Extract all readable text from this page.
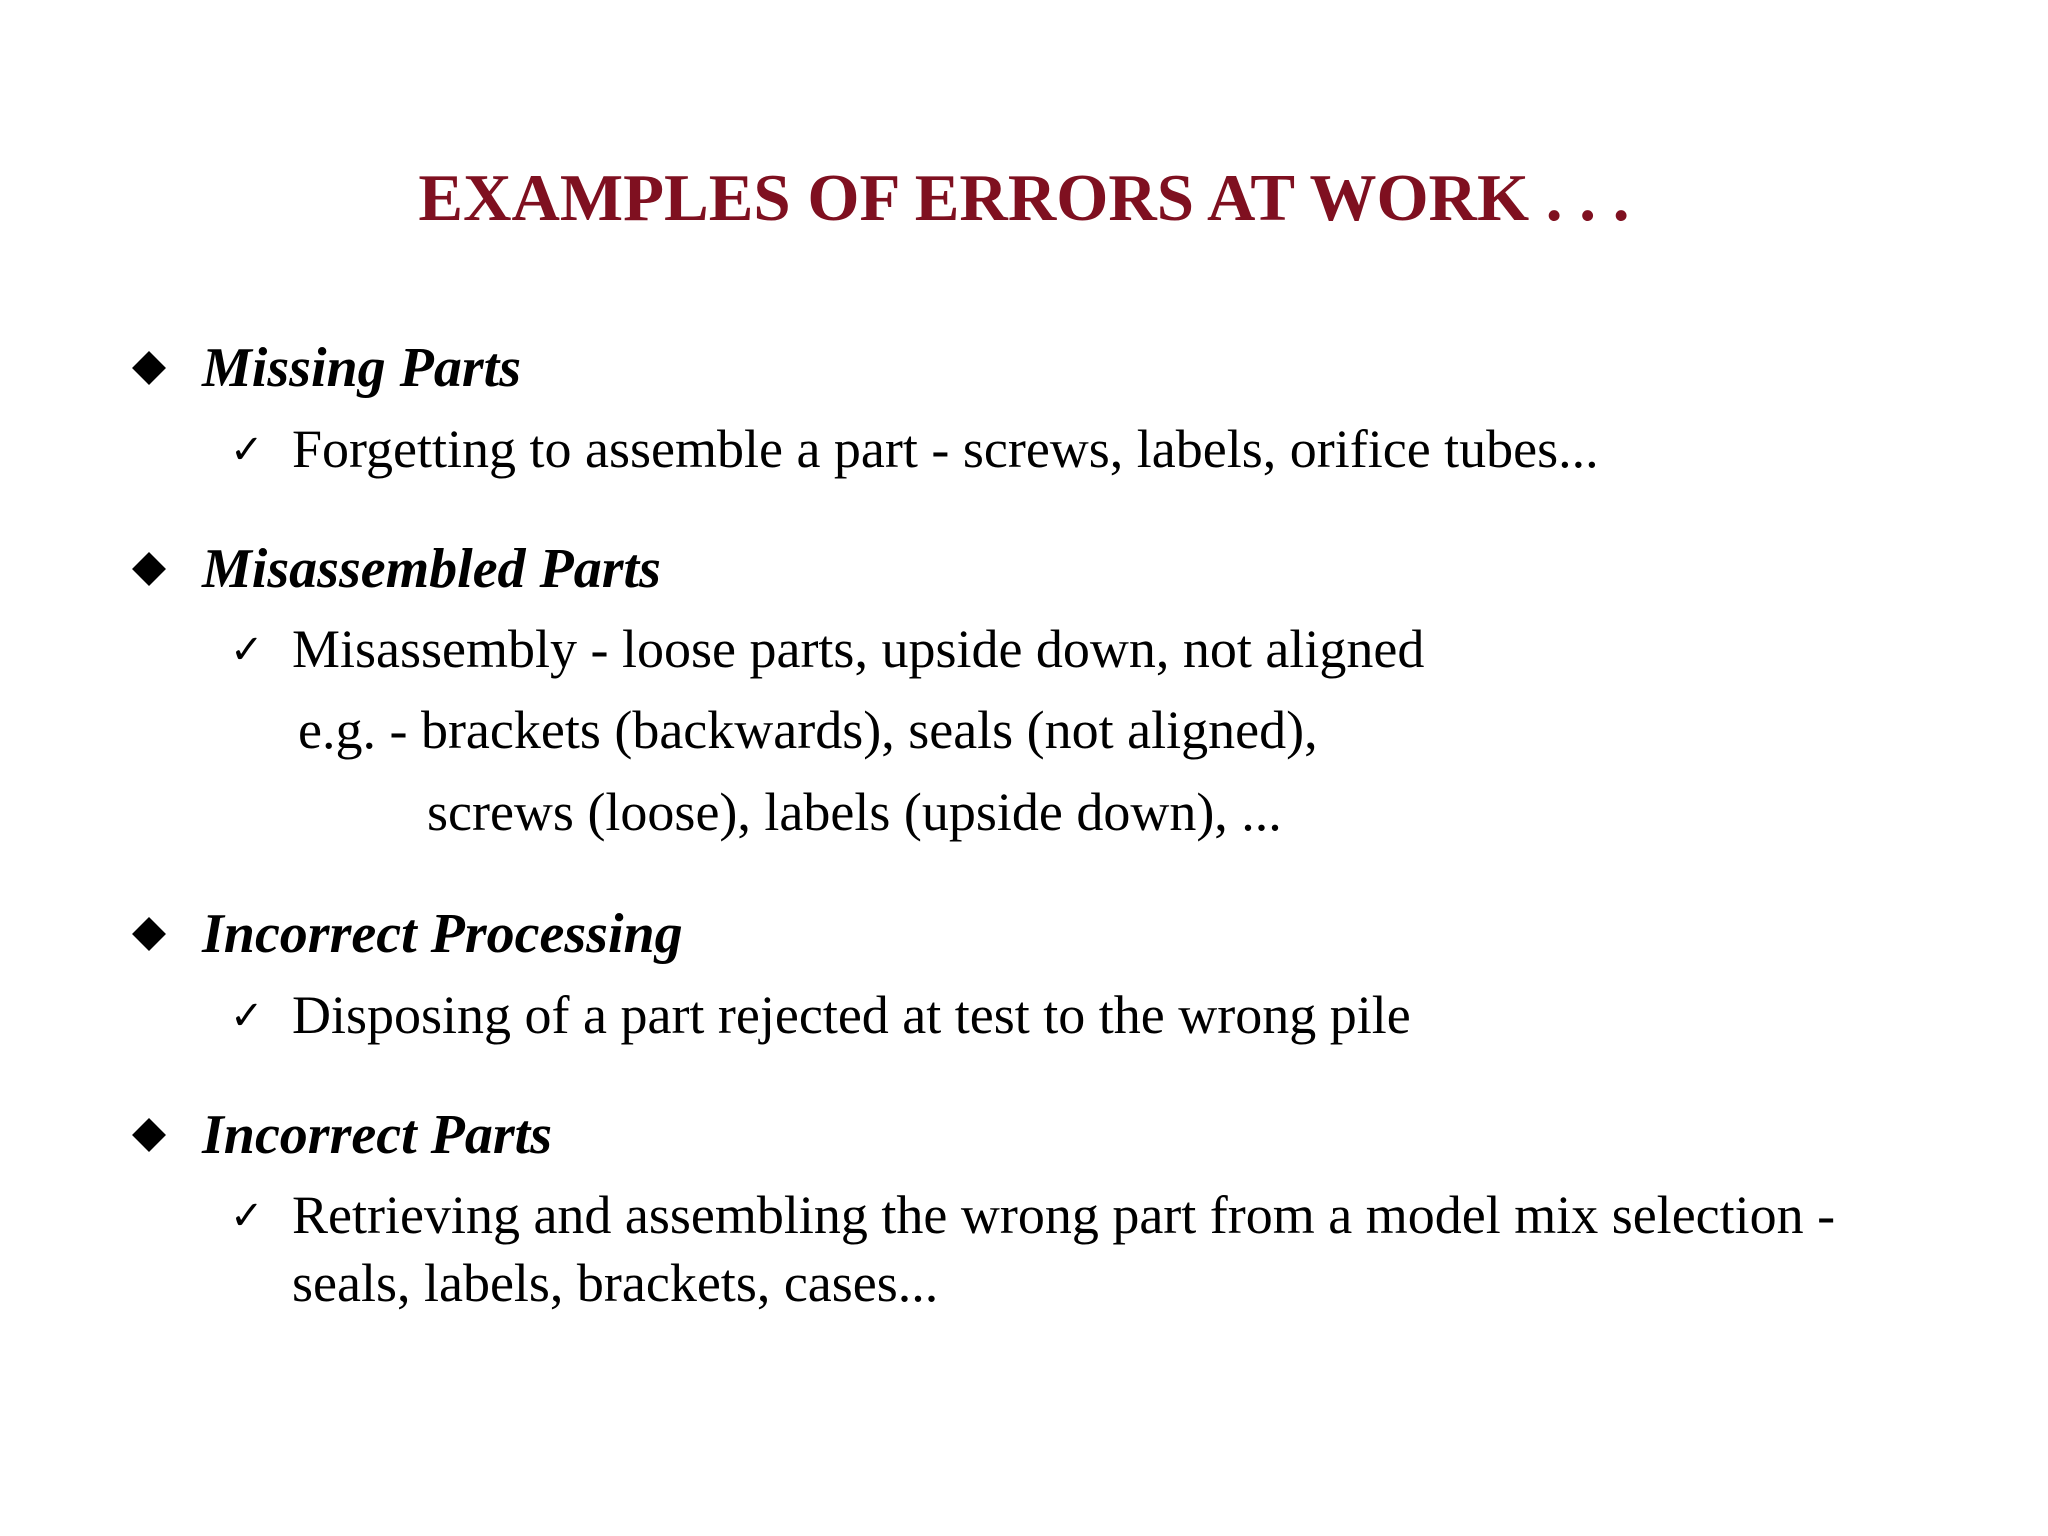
EXAMPLES OF ERRORS AT WORK . . .
Missing Parts
✓ Forgetting to assemble a part - screws, labels, orifice tubes...
Misassembled Parts
✓ Misassembly - loose parts, upside down, not aligned
e.g. - brackets (backwards), seals (not aligned),
screws (loose), labels (upside down), ...
Incorrect Processing
✓ Disposing of a part rejected at test to the wrong pile
Incorrect Parts
✓ Retrieving and assembling the wrong part from a model mix selection -
seals, labels, brackets, cases...
